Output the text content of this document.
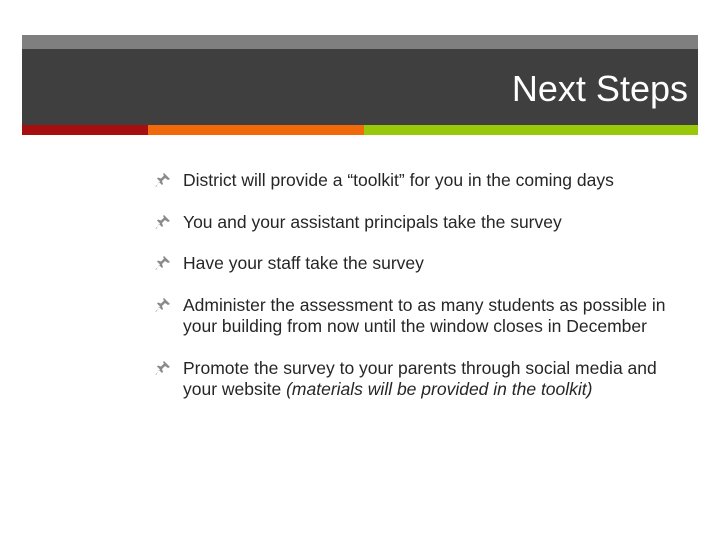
Next Steps
District will provide a “toolkit” for you in the coming days
You and your assistant principals take the survey
Have your staff take the survey
Administer the assessment to as many students as possible in your building from now until the window closes in December
Promote the survey to your parents through social media and your website (materials will be provided in the toolkit)
